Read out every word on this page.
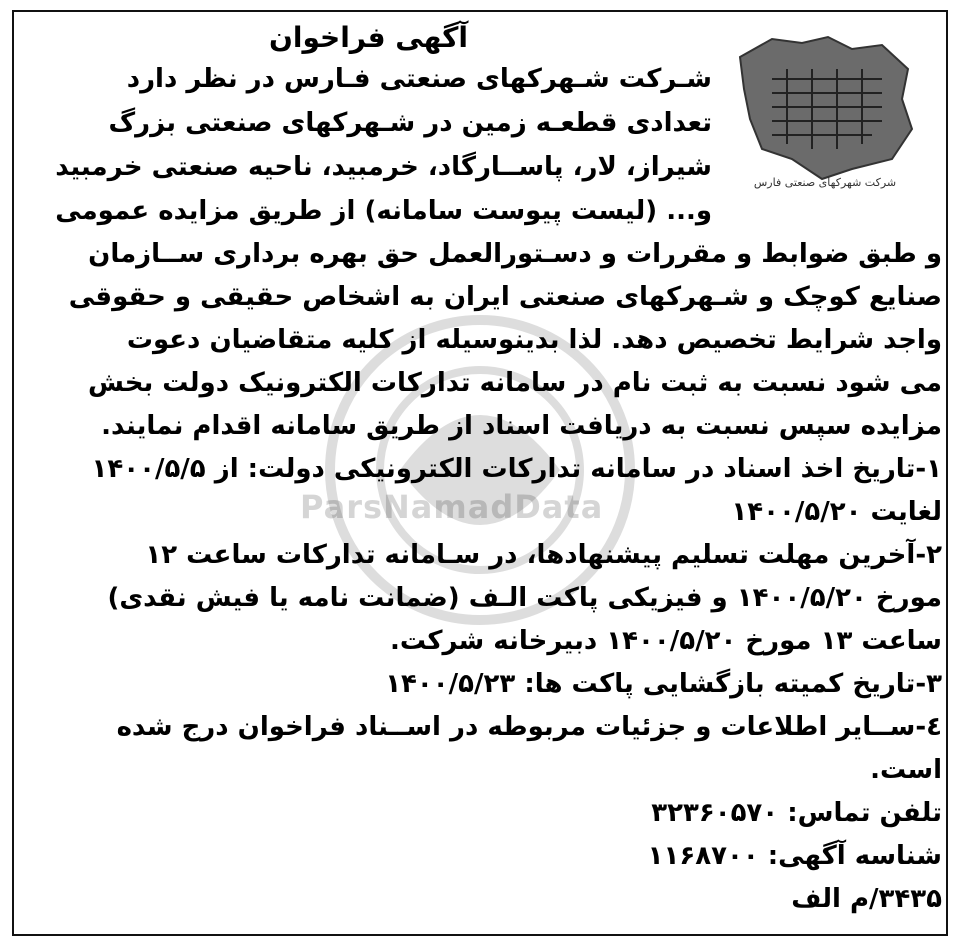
ParsNamadData
شرکت شهرکهای صنعتی فارس
آگهی فراخوان
شـرکت شـهرکهای صنعتی فـارس در نظر دارد
تعدادی قطعـه زمین در شـهرکهای صنعتی بزرگ
شیراز، لار، پاســارگاد، خرمبید، ناحیه صنعتی خرمبید
و... (لیست پیوست سامانه) از طریق مزایده عمومی
و طبق ضوابط و مقررات و دسـتورالعمل حق بهره برداری ســازمان
صنایع کوچک و شـهرکهای صنعتی ایران به اشخاص حقیقی و حقوقی
واجد شرایط تخصیص دهد. لذا بدینوسیله از کلیه متقاضیان دعوت
می شود نسبت به ثبت نام در سامانه تدارکات الکترونیک دولت بخش
مزایده سپس نسبت به دریافت اسناد از طریق سامانه اقدام نمایند.
۱-تاریخ اخذ اسناد در سامانه تدارکات الکترونیکی دولت: از ۱۴۰۰/۵/۵
لغایت ۱۴۰۰/۵/۲۰
۲-آخرین مهلت تسلیم پیشنهادها، در سـامانه تدارکات ساعت ۱۲
مورخ ۱۴۰۰/۵/۲۰ و فیزیکی پاکت الـف (ضمانت نامه یا فیش نقدی)
ساعت ۱۳ مورخ ۱۴۰۰/۵/۲۰ دبیرخانه شرکت.
۳-تاریخ کمیته بازگشایی پاکت ها: ۱۴۰۰/۵/۲۳
٤-ســایر اطلاعات و جزئیات مربوطه در اســناد فراخوان درج شده
است.
تلفن تماس: ۳۲۳۶۰۵۷۰
شناسه آگهی: ۱۱۶۸۷۰۰
۳۴۳۵/م الف
